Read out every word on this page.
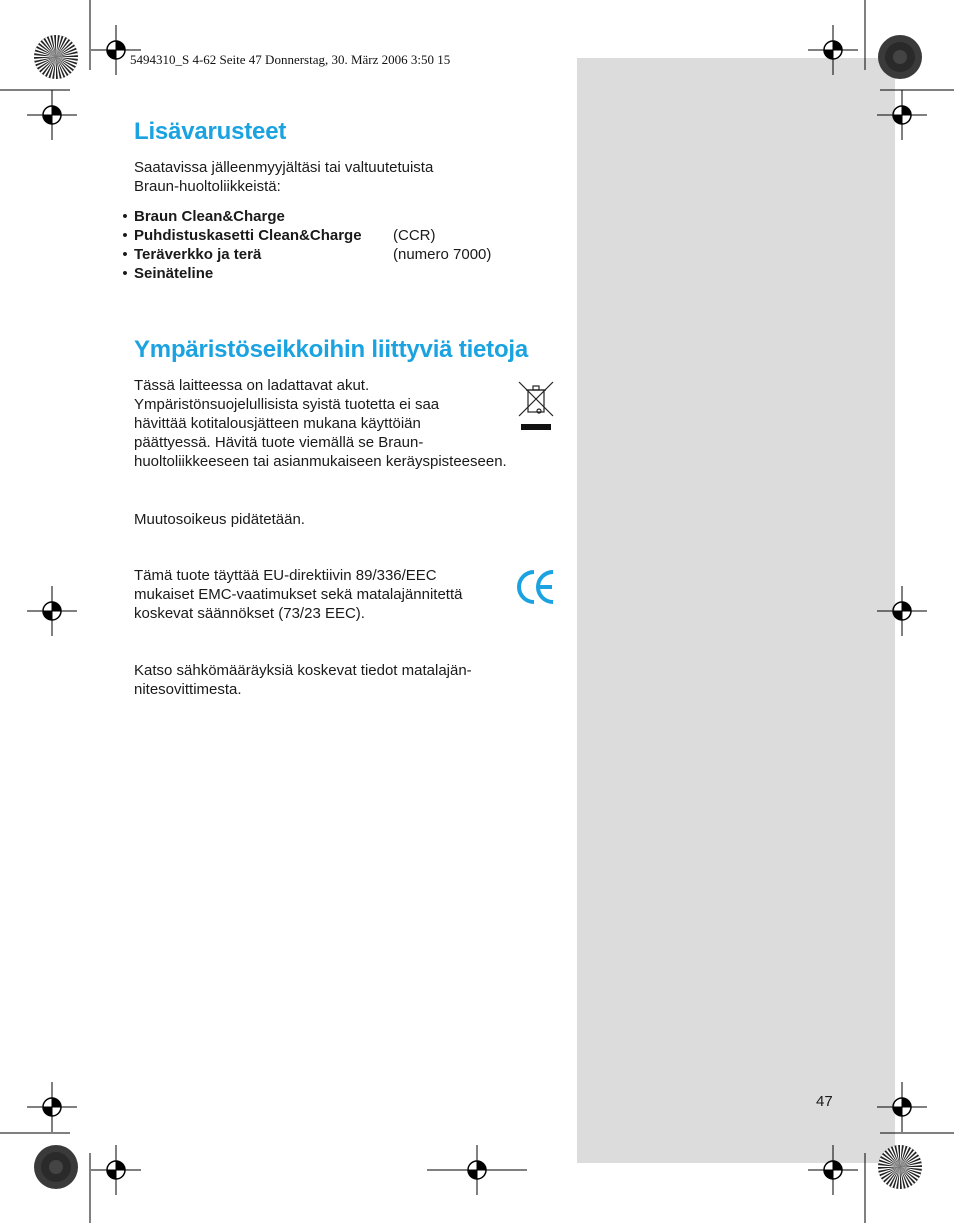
5494310_S 4-62 Seite 47 Donnerstag, 30. März 2006 3:50 15
Lisävarusteet
Saatavissa jälleenmyyjältäsi tai valtuutetuista
Braun-huoltoliikkeistä:
• Braun Clean&Charge
• Puhdistuskasetti Clean&Charge	(CCR)
• Teräverkko ja terä	(numero 7000)
• Seinäteline
Ympäristöseikkoihin liittyviä tietoja
Tässä laitteessa on ladattavat akut.
Ympäristönsuojelullisista syistä tuotetta ei saa
hävittää kotitalousjätteen mukana käyttöiän
päättyessä. Hävitä tuote viemällä se Braun-
huoltoliikkeeseen tai asianmukaiseen keräyspisteeseen.
Muutosoikeus pidätetään.
Tämä tuote täyttää EU-direktiivin 89/336/EEC
mukaiset EMC-vaatimukset sekä matalajännitettä
koskevat säännökset (73/23 EEC).
Katso sähkömääräyksiä koskevat tiedot matalajän-
nitesovittimesta.
47
